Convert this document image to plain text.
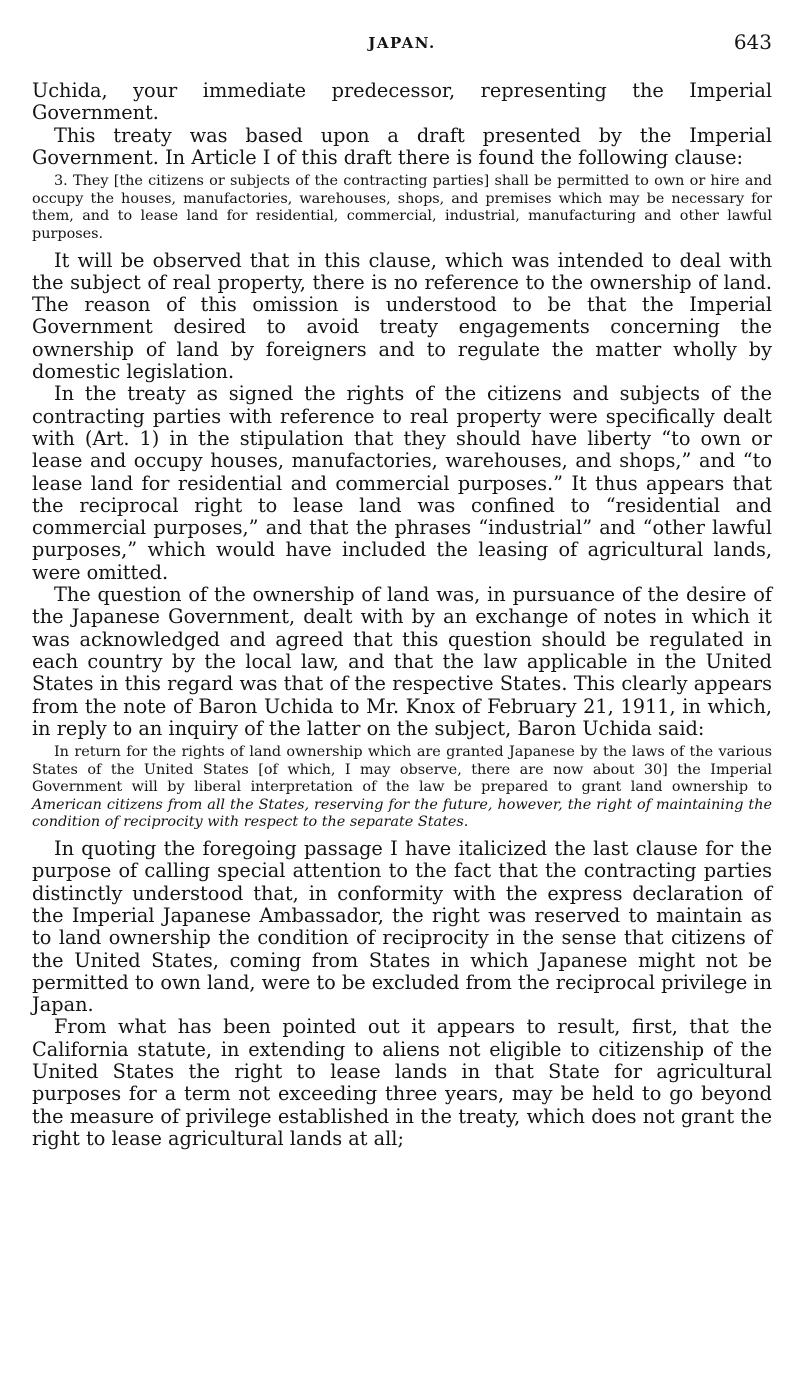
JAPAN.	643

Uchida, your immediate predecessor, representing the Imperial Government.

This treaty was based upon a draft presented by the Imperial Government. In Article I of this draft there is found the following clause:

3. They [the citizens or subjects of the contracting parties] shall be permitted to own or hire and occupy the houses, manufactories, warehouses, shops, and premises which may be necessary for them, and to lease land for residential, commercial, industrial, manufacturing and other lawful purposes.

It will be observed that in this clause, which was intended to deal with the subject of real property, there is no reference to the ownership of land. The reason of this omission is understood to be that the Imperial Government desired to avoid treaty engagements concerning the ownership of land by foreigners and to regulate the matter wholly by domestic legislation.

In the treaty as signed the rights of the citizens and subjects of the contracting parties with reference to real property were specifically dealt with (Art. 1) in the stipulation that they should have liberty “to own or lease and occupy houses, manufactories, warehouses, and shops,” and “to lease land for residential and commercial purposes.” It thus appears that the reciprocal right to lease land was confined to “residential and commercial purposes,” and that the phrases “industrial” and “other lawful purposes,” which would have included the leasing of agricultural lands, were omitted.

The question of the ownership of land was, in pursuance of the desire of the Japanese Government, dealt with by an exchange of notes in which it was acknowledged and agreed that this question should be regulated in each country by the local law, and that the law applicable in the United States in this regard was that of the respective States. This clearly appears from the note of Baron Uchida to Mr. Knox of February 21, 1911, in which, in reply to an inquiry of the latter on the subject, Baron Uchida said:

In return for the rights of land ownership which are granted Japanese by the laws of the various States of the United States [of which, I may observe, there are now about 30] the Imperial Government will by liberal interpretation of the law be prepared to grant land ownership to American citizens from all the States, reserving for the future, however, the right of maintaining the condition of reciprocity with respect to the separate States.

In quoting the foregoing passage I have italicized the last clause for the purpose of calling special attention to the fact that the contracting parties distinctly understood that, in conformity with the express declaration of the Imperial Japanese Ambassador, the right was reserved to maintain as to land ownership the condition of reciprocity in the sense that citizens of the United States, coming from States in which Japanese might not be permitted to own land, were to be excluded from the reciprocal privilege in Japan.

From what has been pointed out it appears to result, first, that the California statute, in extending to aliens not eligible to citizenship of the United States the right to lease lands in that State for agricultural purposes for a term not exceeding three years, may be held to go beyond the measure of privilege established in the treaty, which does not grant the right to lease agricultural lands at all;
